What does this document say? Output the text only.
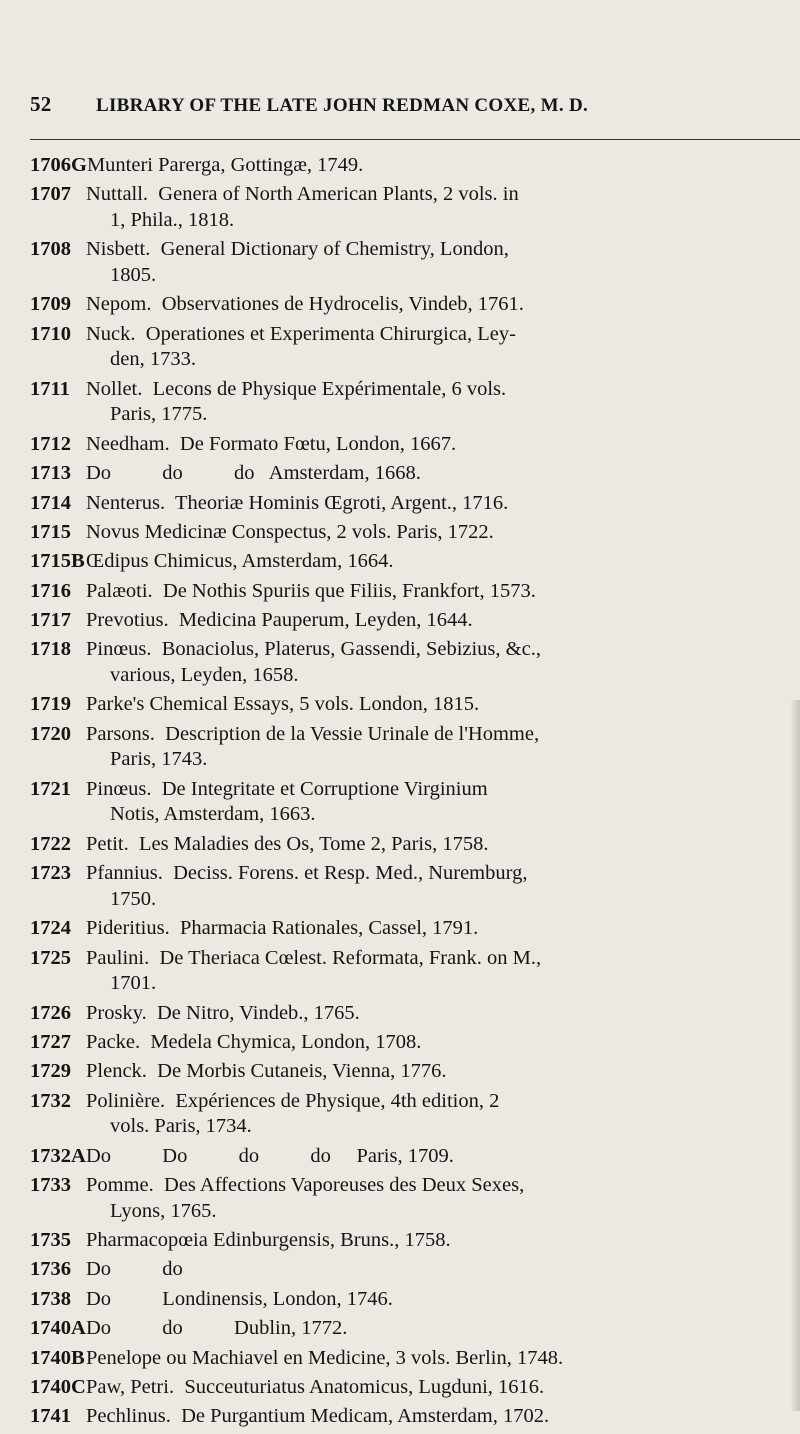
52 LIBRARY OF THE LATE JOHN REDMAN COXE, M. D.
1706G Munteri Parerga, Gottingæ, 1749.
1707 Nuttall.  Genera of North American Plants, 2 vols. in
1, Phila., 1818.
1708 Nisbett.  General Dictionary of Chemistry, London,
1805.
1709 Nepom.  Observationes de Hydrocelis, Vindeb, 1761.
1710 Nuck.  Operationes et Experimenta Chirurgica, Ley-
den, 1733.
1711 Nollet.  Lecons de Physique Expérimentale, 6 vols.
Paris, 1775.
1712 Needham.  De Formato Fœtu, London, 1667.
1713 Do          do          do   Amsterdam, 1668.
1714 Nenterus.  Theoriæ Hominis Œgroti, Argent., 1716.
1715 Novus Medicinæ Conspectus, 2 vols. Paris, 1722.
1715B Œdipus Chimicus, Amsterdam, 1664.
1716 Palæoti.  De Nothis Spuriis que Filiis, Frankfort, 1573.
1717 Prevotius.  Medicina Pauperum, Leyden, 1644.
1718 Pinœus.  Bonaciolus, Platerus, Gassendi, Sebizius, &c.,
various, Leyden, 1658.
1719 Parke's Chemical Essays, 5 vols. London, 1815.
1720 Parsons.  Description de la Vessie Urinale de l'Homme,
Paris, 1743.
1721 Pinœus.  De Integritate et Corruptione Virginium
Notis, Amsterdam, 1663.
1722 Petit.  Les Maladies des Os, Tome 2, Paris, 1758.
1723 Pfannius.  Deciss. Forens. et Resp. Med., Nuremburg,
1750.
1724 Pideritius.  Pharmacia Rationales, Cassel, 1791.
1725 Paulini.  De Theriaca Cœlest. Reformata, Frank. on M.,
1701.
1726 Prosky.  De Nitro, Vindeb., 1765.
1727 Packe.  Medela Chymica, London, 1708.
1729 Plenck.  De Morbis Cutaneis, Vienna, 1776.
1732 Polinière.  Expériences de Physique, 4th edition, 2
vols. Paris, 1734.
1732A Do          Do          do          do     Paris, 1709.
1733 Pomme.  Des Affections Vaporeuses des Deux Sexes,
Lyons, 1765.
1735 Pharmacopœia Edinburgensis, Bruns., 1758.
1736 Do          do
1738 Do          Londinensis, London, 1746.
1740A Do          do          Dublin, 1772.
1740B Penelope ou Machiavel en Medicine, 3 vols. Berlin, 1748.
1740C Paw, Petri.  Succeuturiatus Anatomicus, Lugduni, 1616.
1741 Pechlinus.  De Purgantium Medicam, Amsterdam, 1702.
